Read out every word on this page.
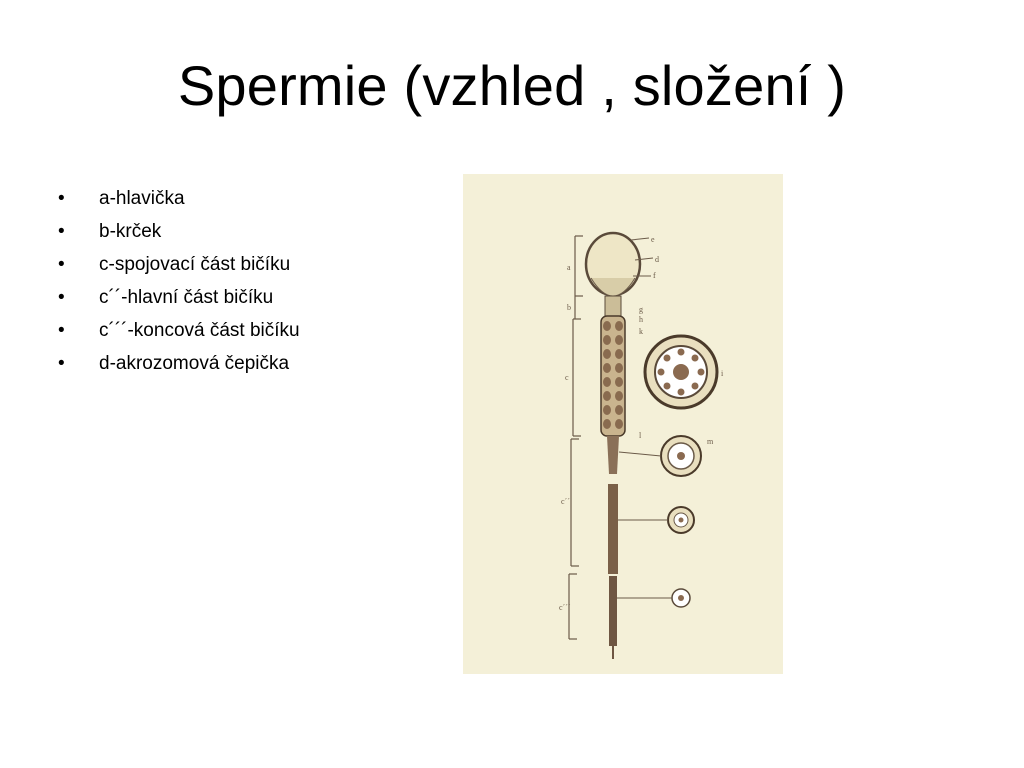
Spermie (vzhled , složení )
• a-hlavička
• b-krček
• c-spojovací část bičíku
• c´´-hlavní část bičíku
• c´´´-koncová část bičíku
• d-akrozomová čepička
a
b
c
c´´
c´´´
e
d
f
g
h
k
l
m
i
